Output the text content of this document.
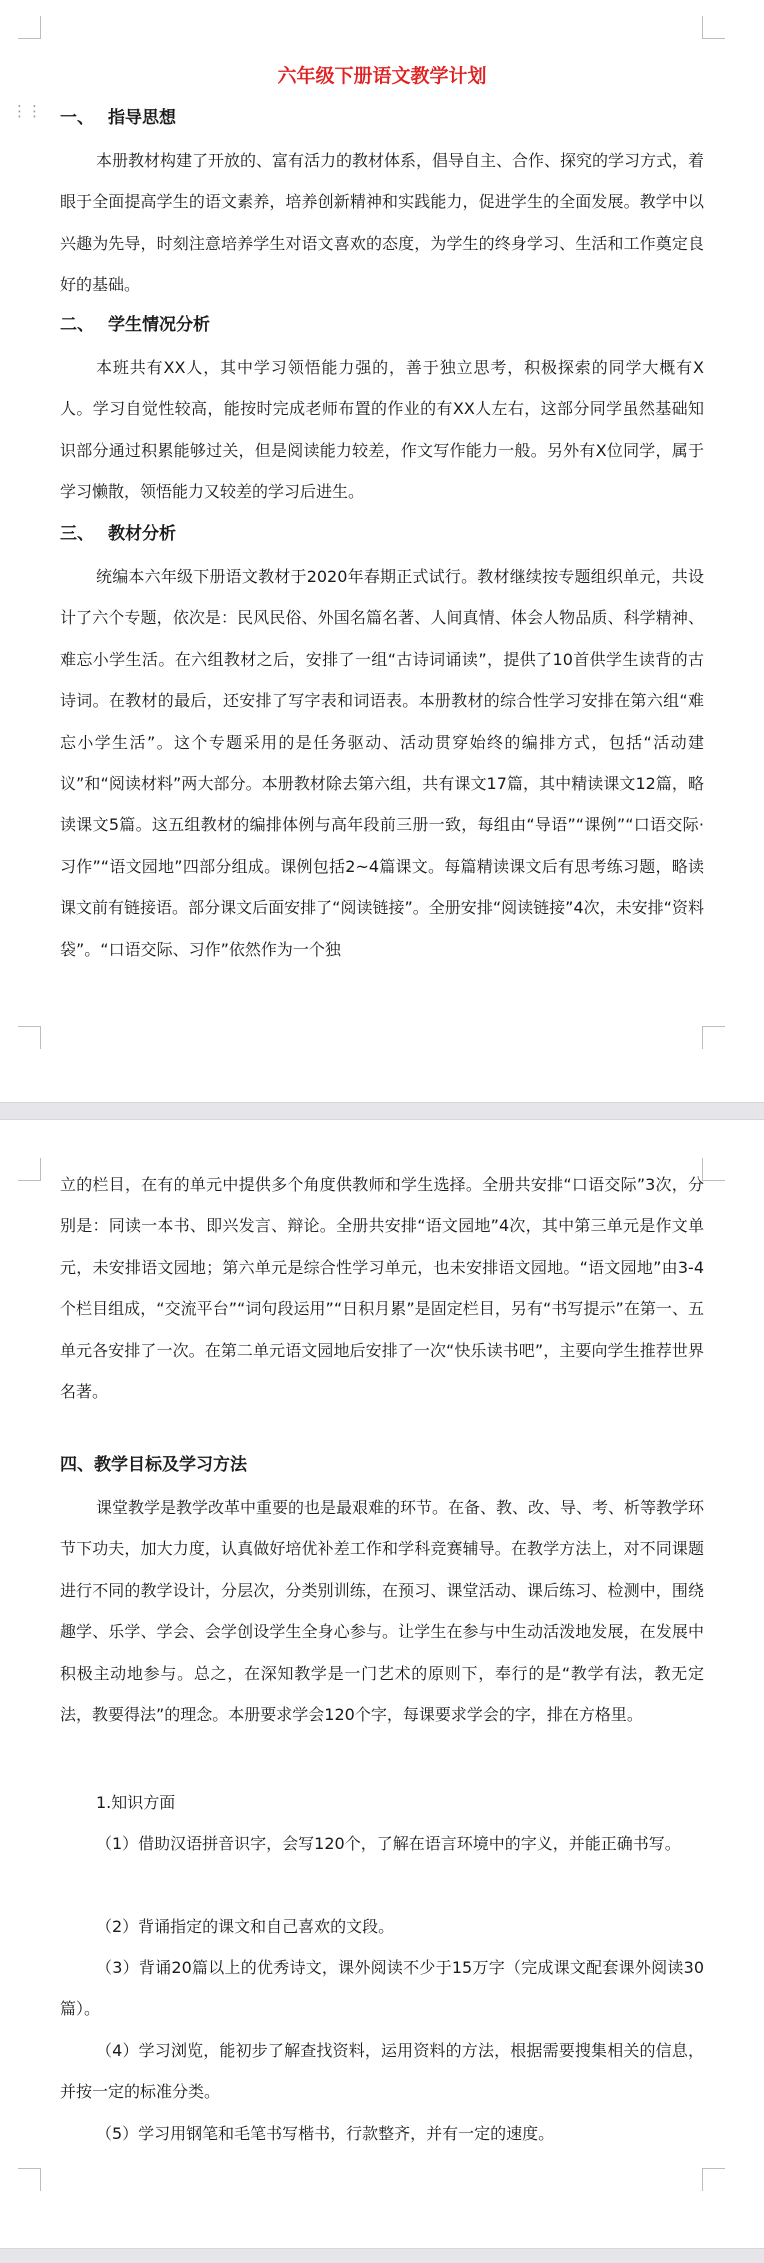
六年级下册语文教学计划
⋮⋮ 一、 指导思想

本册教材构建了开放的、富有活力的教材体系，倡导自主、合作、探究的学习方式，着眼于全面提高学生的语文素养，培养创新精神和实践能力，促进学生的全面发展。教学中以兴趣为先导，时刻注意培养学生对语文喜欢的态度，为学生的终身学习、生活和工作奠定良好的基础。

二、 学生情况分析

本班共有XX人，其中学习领悟能力强的，善于独立思考，积极探索的同学大概有X人。学习自觉性较高，能按时完成老师布置的作业的有XX人左右，这部分同学虽然基础知识部分通过积累能够过关，但是阅读能力较差，作文写作能力一般。另外有X位同学，属于学习懒散，领悟能力又较差的学习后进生。

三、 教材分析

统编本六年级下册语文教材于2020年春期正式试行。教材继续按专题组织单元，共设计了六个专题，依次是：民风民俗、外国名篇名著、人间真情、体会人物品质、科学精神、难忘小学生活。在六组教材之后，安排了一组“古诗词诵读”，提供了10首供学生读背的古诗词。在教材的最后，还安排了写字表和词语表。本册教材的综合性学习安排在第六组“难忘小学生活”。这个专题采用的是任务驱动、活动贯穿始终的编排方式，包括“活动建议”和“阅读材料”两大部分。本册教材除去第六组，共有课文17篇，其中精读课文12篇，略读课文5篇。这五组教材的编排体例与高年段前三册一致，每组由“导语”“课例”“口语交际·习作”“语文园地”四部分组成。课例包括2~4篇课文。每篇精读课文后有思考练习题，略读课文前有链接语。部分课文后面安排了“阅读链接”。全册安排“阅读链接”4次，未安排“资料袋”。“口语交际、习作”依然作为一个独

立的栏目，在有的单元中提供多个角度供教师和学生选择。全册共安排“口语交际”3次，分别是：同读一本书、即兴发言、辩论。全册共安排“语文园地”4次，其中第三单元是作文单元，未安排语文园地；第六单元是综合性学习单元，也未安排语文园地。“语文园地”由3-4个栏目组成，“交流平台”“词句段运用”“日积月累”是固定栏目，另有“书写提示”在第一、五单元各安排了一次。在第二单元语文园地后安排了一次“快乐读书吧”，主要向学生推荐世界名著。

四、教学目标及学习方法

课堂教学是教学改革中重要的也是最艰难的环节。在备、教、改、导、考、析等教学环节下功夫，加大力度，认真做好培优补差工作和学科竞赛辅导。在教学方法上，对不同课题进行不同的教学设计，分层次，分类别训练，在预习、课堂活动、课后练习、检测中，围绕趣学、乐学、学会、会学创设学生全身心参与。让学生在参与中生动活泼地发展，在发展中积极主动地参与。总之，在深知教学是一门艺术的原则下，奉行的是“教学有法，教无定法，教要得法”的理念。本册要求学会120个字，每课要求学会的字，排在方格里。

1.知识方面

（1）借助汉语拼音识字，会写120个，了解在语言环境中的字义，并能正确书写。

（2）背诵指定的课文和自己喜欢的文段。

（3）背诵20篇以上的优秀诗文，课外阅读不少于15万字（完成课文配套课外阅读30篇）。

（4）学习浏览，能初步了解查找资料，运用资料的方法，根据需要搜集相关的信息，并按一定的标准分类。

（5）学习用钢笔和毛笔书写楷书，行款整齐，并有一定的速度。
